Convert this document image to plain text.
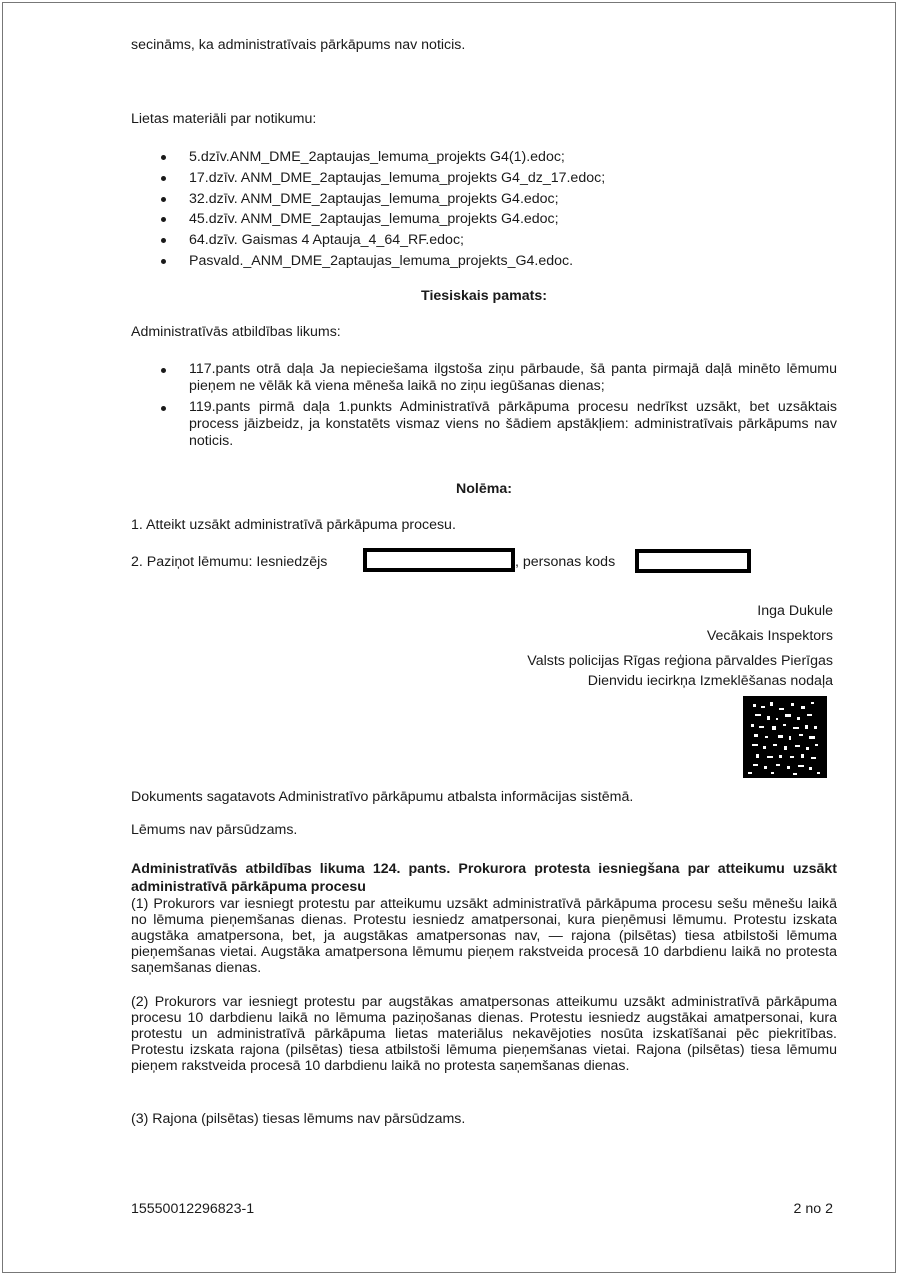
secināms, ka administratīvais pārkāpums nav noticis.
Lietas materiāli par notikumu:
5.dzīv.ANM_DME_2aptaujas_lemuma_projekts G4(1).edoc;
17.dzīv. ANM_DME_2aptaujas_lemuma_projekts G4_dz_17.edoc;
32.dzīv. ANM_DME_2aptaujas_lemuma_projekts G4.edoc;
45.dzīv. ANM_DME_2aptaujas_lemuma_projekts G4.edoc;
64.dzīv. Gaismas 4 Aptauja_4_64_RF.edoc;
Pasvald._ANM_DME_2aptaujas_lemuma_projekts_G4.edoc.
Tiesiskais pamats:
Administratīvās atbildības likums:
117.pants otrā daļa Ja nepieciešama ilgstoša ziņu pārbaude, šā panta pirmajā daļā minēto lēmumu pieņem ne vēlāk kā viena mēneša laikā no ziņu iegūšanas dienas;
119.pants pirmā daļa 1.punkts Administratīvā pārkāpuma procesu nedrīkst uzsākt, bet uzsāktais process jāizbeidz, ja konstatēts vismaz viens no šādiem apstākļiem: administratīvais pārkāpums nav noticis.
Nolēma:
1. Atteikt uzsākt administratīvā pārkāpuma procesu.
2. Paziņot lēmumu: Iesniedzējs	, personas kods
Inga Dukule
Vecākais Inspektors
Valsts policijas Rīgas reģiona pārvaldes Pierīgas
Dienvidu iecirkņa Izmeklēšanas nodaļa
Dokuments sagatavots Administratīvo pārkāpumu atbalsta informācijas sistēmā.
Lēmums nav pārsūdzams.
Administratīvās atbildības likuma 124. pants. Prokurora protesta iesniegšana par atteikumu uzsākt administratīvā pārkāpuma procesu
(1) Prokurors var iesniegt protestu par atteikumu uzsākt administratīvā pārkāpuma procesu sešu mēnešu laikā no lēmuma pieņemšanas dienas. Protestu iesniedz amatpersonai, kura pieņēmusi lēmumu. Protestu izskata augstāka amatpersona, bet, ja augstākas amatpersonas nav, — rajona (pilsētas) tiesa atbilstoši lēmuma pieņemšanas vietai. Augstāka amatpersona lēmumu pieņem rakstveida procesā 10 darbdienu laikā no protesta saņemšanas dienas.
(2) Prokurors var iesniegt protestu par augstākas amatpersonas atteikumu uzsākt administratīvā pārkāpuma procesu 10 darbdienu laikā no lēmuma paziņošanas dienas. Protestu iesniedz augstākai amatpersonai, kura protestu un administratīvā pārkāpuma lietas materiālus nekavējoties nosūta izskatīšanai pēc piekritības. Protestu izskata rajona (pilsētas) tiesa atbilstoši lēmuma pieņemšanas vietai. Rajona (pilsētas) tiesa lēmumu pieņem rakstveida procesā 10 darbdienu laikā no protesta saņemšanas dienas.
(3) Rajona (pilsētas) tiesas lēmums nav pārsūdzams.
15550012296823-1	2 no 2
